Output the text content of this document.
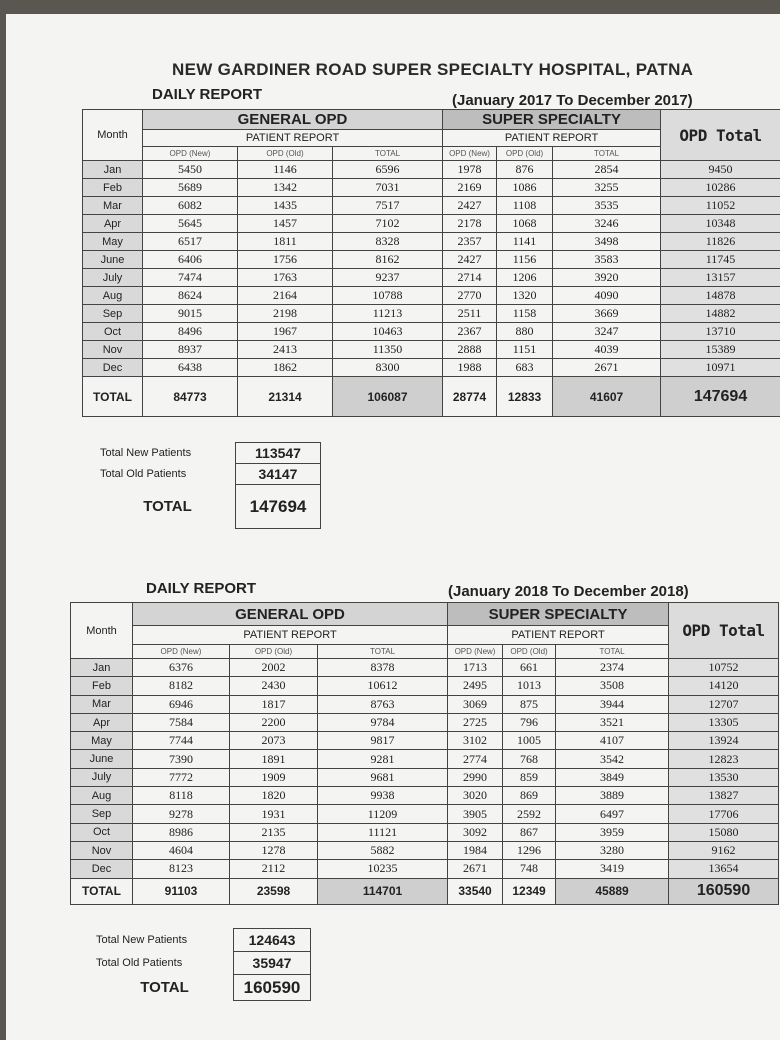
NEW GARDINER ROAD SUPER SPECIALTY HOSPITAL, PATNA
DAILY REPORT	(January 2017 To December 2017)
Month	GENERAL OPD			SUPER SPECIALTY			OPD Total
	PATIENT REPORT			PATIENT REPORT			
	OPD (New)	OPD (Old)	TOTAL	OPD (New)	OPD (Old)	TOTAL	
Jan	5450	1146	6596	1978	876	2854	9450
Feb	5689	1342	7031	2169	1086	3255	10286
Mar	6082	1435	7517	2427	1108	3535	11052
Apr	5645	1457	7102	2178	1068	3246	10348
May	6517	1811	8328	2357	1141	3498	11826
June	6406	1756	8162	2427	1156	3583	11745
July	7474	1763	9237	2714	1206	3920	13157
Aug	8624	2164	10788	2770	1320	4090	14878
Sep	9015	2198	11213	2511	1158	3669	14882
Oct	8496	1967	10463	2367	880	3247	13710
Nov	8937	2413	11350	2888	1151	4039	15389
Dec	6438	1862	8300	1988	683	2671	10971
TOTAL	84773	21314	106087	28774	12833	41607	147694
Total New Patients	113547
Total Old Patients	34147
TOTAL	147694
DAILY REPORT	(January 2018 To December 2018)
Month	GENERAL OPD			SUPER SPECIALTY			OPD Total
	PATIENT REPORT			PATIENT REPORT			
	OPD (New)	OPD (Old)	TOTAL	OPD (New)	OPD (Old)	TOTAL	
Jan	6376	2002	8378	1713	661	2374	10752
Feb	8182	2430	10612	2495	1013	3508	14120
Mar	6946	1817	8763	3069	875	3944	12707
Apr	7584	2200	9784	2725	796	3521	13305
May	7744	2073	9817	3102	1005	4107	13924
June	7390	1891	9281	2774	768	3542	12823
July	7772	1909	9681	2990	859	3849	13530
Aug	8118	1820	9938	3020	869	3889	13827
Sep	9278	1931	11209	3905	2592	6497	17706
Oct	8986	2135	11121	3092	867	3959	15080
Nov	4604	1278	5882	1984	1296	3280	9162
Dec	8123	2112	10235	2671	748	3419	13654
TOTAL	91103	23598	114701	33540	12349	45889	160590
Total New Patients	124643
Total Old Patients	35947
TOTAL	160590
